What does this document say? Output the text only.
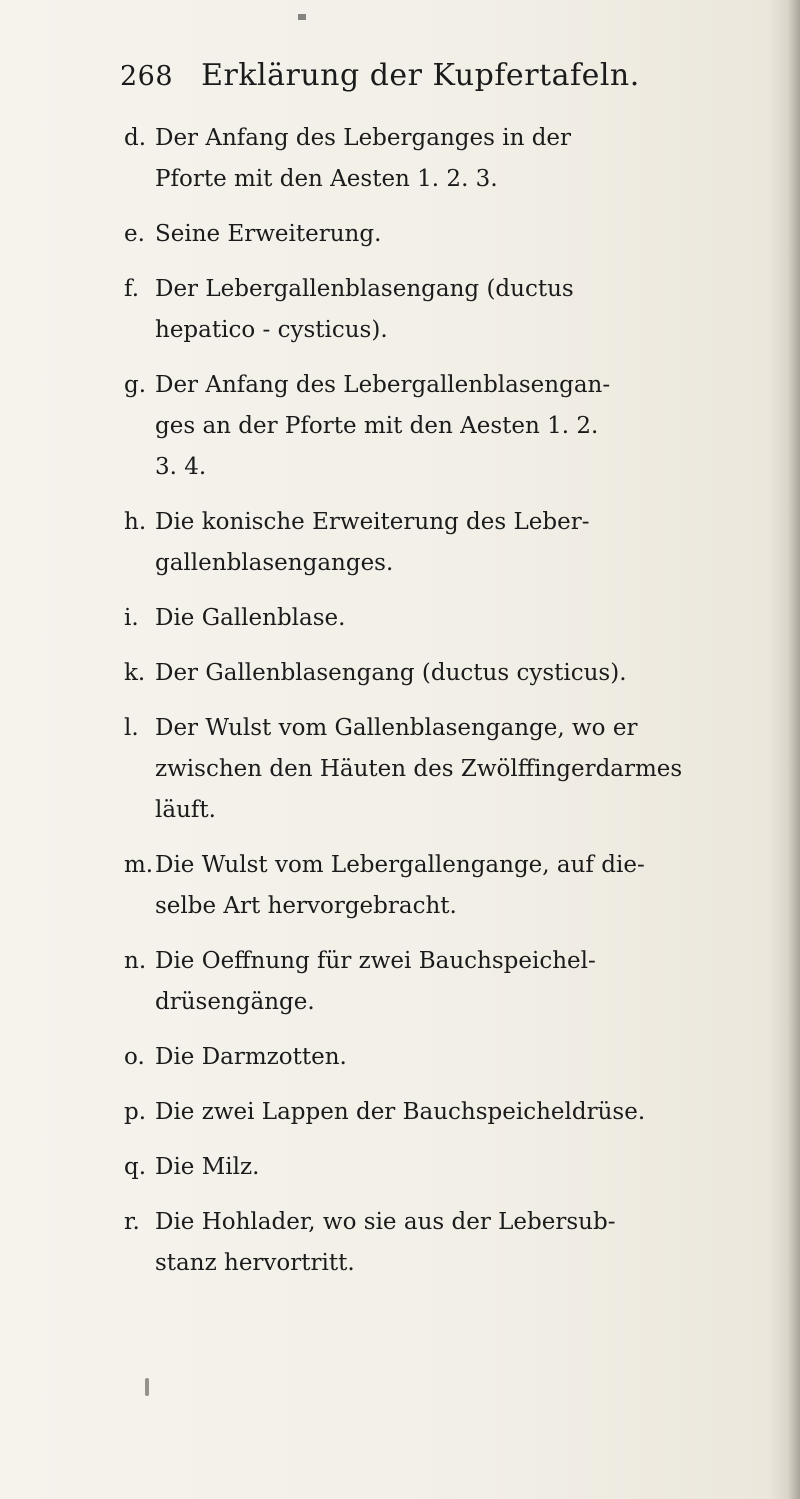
268 Erklärung der Kupfertafeln.
d. Der Anfang des Lebergangеs in der
Pforte mit den Aesten 1. 2. 3.
e. Seine Erweiterung.
f. Der Lebergallenblasengang (ductus
hepatico - cysticus).
g. Der Anfang des Lebergallenblasengan-
ges an der Pforte mit den Aesten 1. 2.
3. 4.
h. Die konische Erweiterung des Leber-
gallenblasenganges.
i. Die Gallenblase.
k. Der Gallenblasengang (ductus cysticus).
l. Der Wulst vom Gallenblasengange, wo er
zwischen den Häuten des Zwölffingerdarmes
läuft.
m.Die Wulst vom Lebergallengange, auf die-
selbe Art hervorgebracht.
n. Die Oeffnung für zwei Bauchspeichel-
drüsengänge.
o. Die Darmzotten.
p. Die zwei Lappen der Bauchspeicheldrüse.
q. Die Milz.
r. Die Hohlader, wo sie aus der Lebersub-
stanz hervortritt.
